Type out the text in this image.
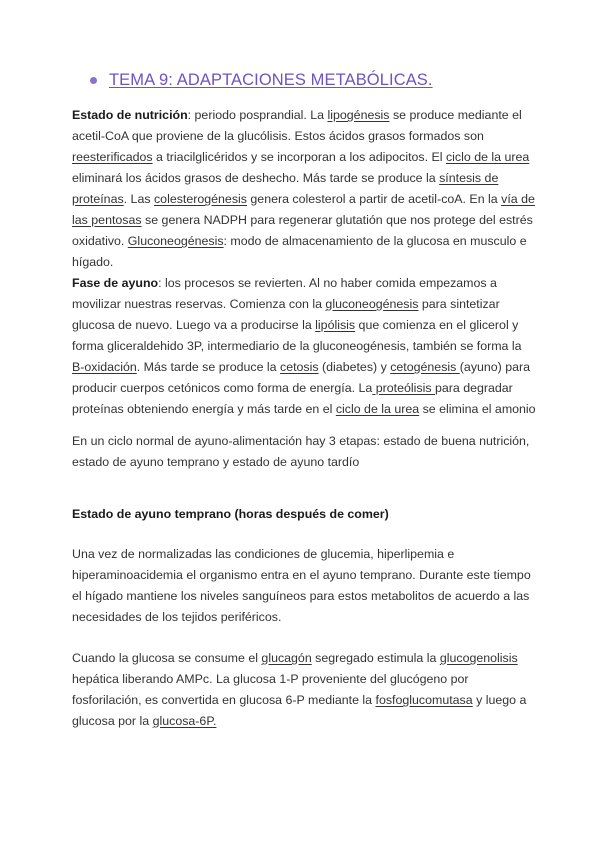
TEMA 9: ADAPTACIONES METABÓLICAS.
Estado de nutrición: periodo posprandial. La lipogénesis se produce mediante el
acetil-CoA que proviene de la glucólisis. Estos ácidos grasos formados son
reesterificados a triacilglicéridos y se incorporan a los adipocitos. El ciclo de la urea
eliminará los ácidos grasos de deshecho. Más tarde se produce la síntesis de
proteínas. Las colesterogénesis genera colesterol a partir de acetil-coA. En la vía de
las pentosas se genera NADPH para regenerar glutatión que nos protege del estrés
oxidativo. Gluconeogénesis: modo de almacenamiento de la glucosa en musculo e
hígado.
Fase de ayuno: los procesos se revierten. Al no haber comida empezamos a
movilizar nuestras reservas. Comienza con la gluconeogénesis para sintetizar
glucosa de nuevo. Luego va a producirse la lipólisis que comienza en el glicerol y
forma gliceraldehido 3P, intermediario de la gluconeogénesis, también se forma la
Β-oxidación. Más tarde se produce la cetosis (diabetes) y cetogénesis (ayuno) para
producir cuerpos cetónicos como forma de energía. La proteólisis para degradar
proteínas obteniendo energía y más tarde en el ciclo de la urea se elimina el amonio
En un ciclo normal de ayuno-alimentación hay 3 etapas: estado de buena nutrición,
estado de ayuno temprano y estado de ayuno tardío
Estado de ayuno temprano (horas después de comer)
Una vez de normalizadas las condiciones de glucemia, hiperlipemia e
hiperaminoacidemia el organismo entra en el ayuno temprano. Durante este tiempo
el hígado mantiene los niveles sanguíneos para estos metabolitos de acuerdo a las
necesidades de los tejidos periféricos.
Cuando la glucosa se consume el glucagón segregado estimula la glucogenolisis
hepática liberando AMPc. La glucosa 1-P proveniente del glucógeno por
fosforilación, es convertida en glucosa 6-P mediante la fosfoglucomutasa y luego a
glucosa por la glucosa-6P.
